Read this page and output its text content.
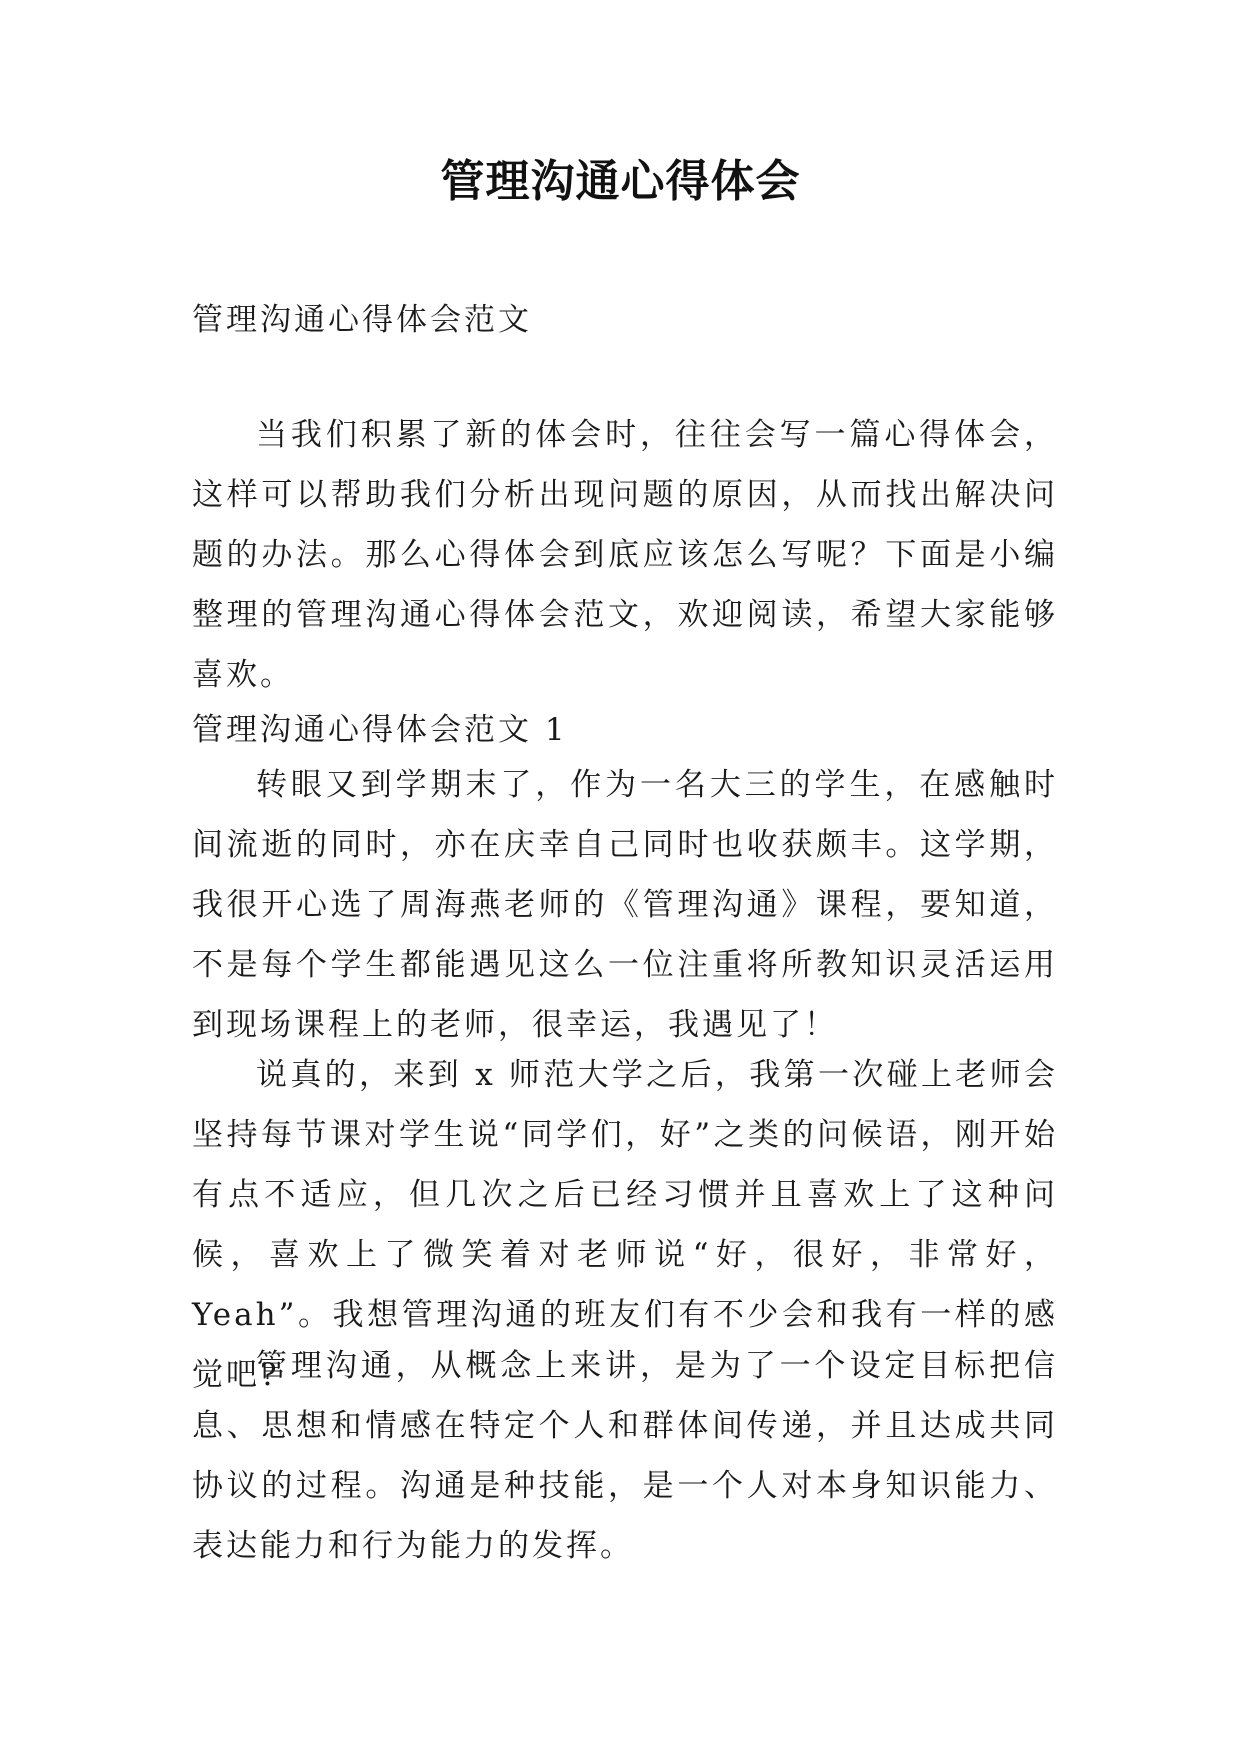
管理沟通心得体会
管理沟通心得体会范文

当我们积累了新的体会时，往往会写一篇心得体会，这样可以帮助我们分析出现问题的原因，从而找出解决问题的办法。那么心得体会到底应该怎么写呢？下面是小编整理的管理沟通心得体会范文，欢迎阅读，希望大家能够喜欢。

管理沟通心得体会范文 1

转眼又到学期末了，作为一名大三的学生，在感触时间流逝的同时，亦在庆幸自己同时也收获颇丰。这学期，我很开心选了周海燕老师的《管理沟通》课程，要知道，不是每个学生都能遇见这么一位注重将所教知识灵活运用到现场课程上的老师，很幸运，我遇见了！

说真的，来到 x 师范大学之后，我第一次碰上老师会坚持每节课对学生说“同学们，好”之类的问候语，刚开始有点不适应，但几次之后已经习惯并且喜欢上了这种问候，喜欢上了微笑着对老师说“好，很好，非常好，Yeah”。我想管理沟通的班友们有不少会和我有一样的感觉吧?

管理沟通，从概念上来讲，是为了一个设定目标把信息、思想和情感在特定个人和群体间传递，并且达成共同协议的过程。沟通是种技能，是一个人对本身知识能力、表达能力和行为能力的发挥。
